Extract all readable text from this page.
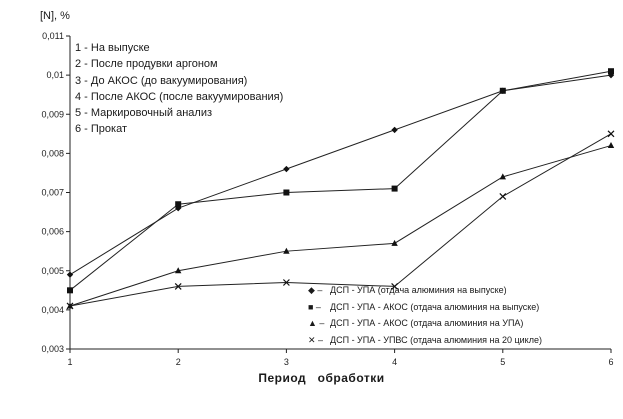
0,003
0,004
0,005
0,006
0,007
0,008
0,009
0,01
0,011
1	2	3	4	5	6
[N], %
1 - На выпуске
2 - После продувки аргоном
3 - До АКОС (до вакуумирования)
4 - После АКОС (после вакуумирования)
5 - Маркировочный анализ
6 - Прокат
◆ – ДСП - УПА (отдача алюминия на выпуске)
■ –	ДСП - УПА - АКОС (отдача алюминия на выпуске)
▲ – ДСП - УПА - АКОС (отдача алюминия на УПА)
✕ – ДСП - УПА - УПВС (отдача алюминия на 20 цикле)
Период   обработки
